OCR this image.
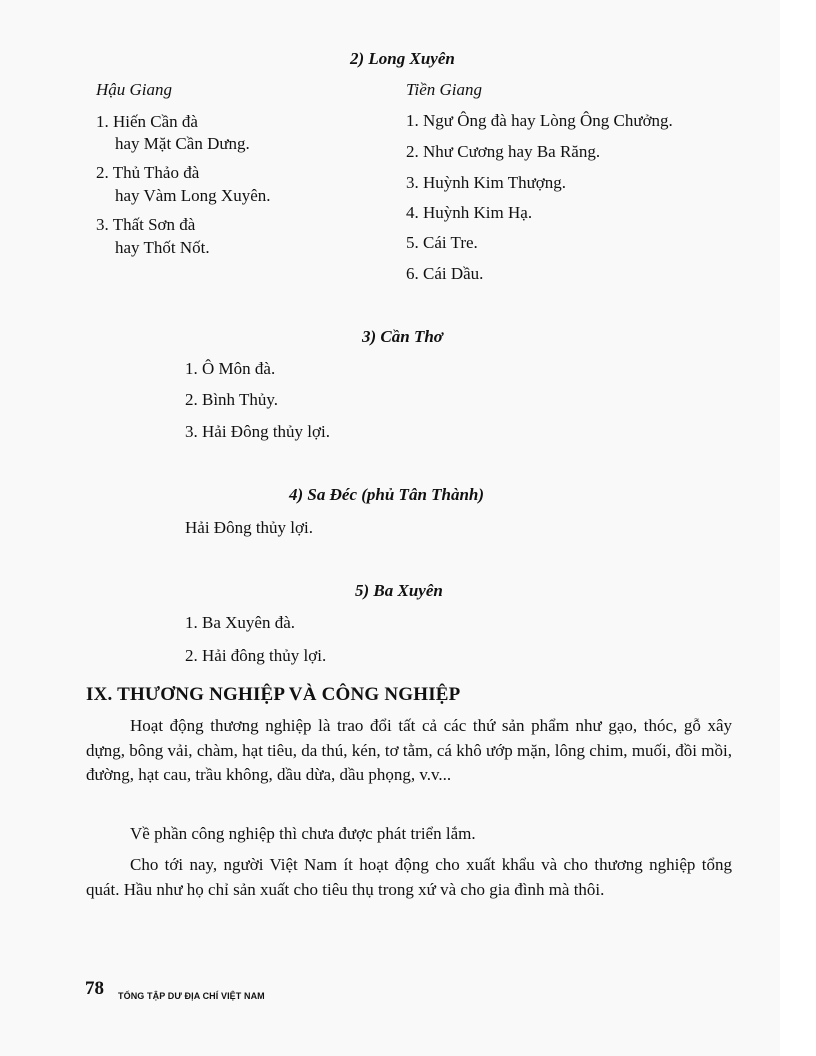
2) Long Xuyên
Hậu Giang	Tiền Giang
1. Hiến Cần đà
hay Mặt Cần Dưng.
2. Thủ Thảo đà
hay Vàm Long Xuyên.
3. Thất Sơn đà
hay Thốt Nốt.
1. Ngư Ông đà hay Lòng Ông Chưởng.
2. Như Cương hay Ba Răng.
3. Huỳnh Kim Thượng.
4. Huỳnh Kim Hạ.
5. Cái Tre.
6. Cái Dầu.
3) Cần Thơ
1. Ô Môn đà.
2. Bình Thủy.
3. Hải Đông thủy lợi.
4) Sa Đéc (phủ Tân Thành)
Hải Đông thủy lợi.
5) Ba Xuyên
1. Ba Xuyên đà.
2. Hải đông thủy lợi.
IX. THƯƠNG NGHIỆP VÀ CÔNG NGHIỆP
Hoạt động thương nghiệp là trao đổi tất cả các thứ sản phẩm như gạo, thóc, gỗ xây dựng, bông vải, chàm, hạt tiêu, da thú, kén, tơ tằm, cá khô ướp mặn, lông chim, muối, đồi mồi, đường, hạt cau, trầu không, dầu dừa, dầu phọng, v.v...
Về phần công nghiệp thì chưa được phát triển lắm.
Cho tới nay, người Việt Nam ít hoạt động cho xuất khẩu và cho thương nghiệp tổng quát. Hầu như họ chỉ sản xuất cho tiêu thụ trong xứ và cho gia đình mà thôi.
78 TỔNG TẬP DƯ ĐỊA CHÍ VIỆT NAM
